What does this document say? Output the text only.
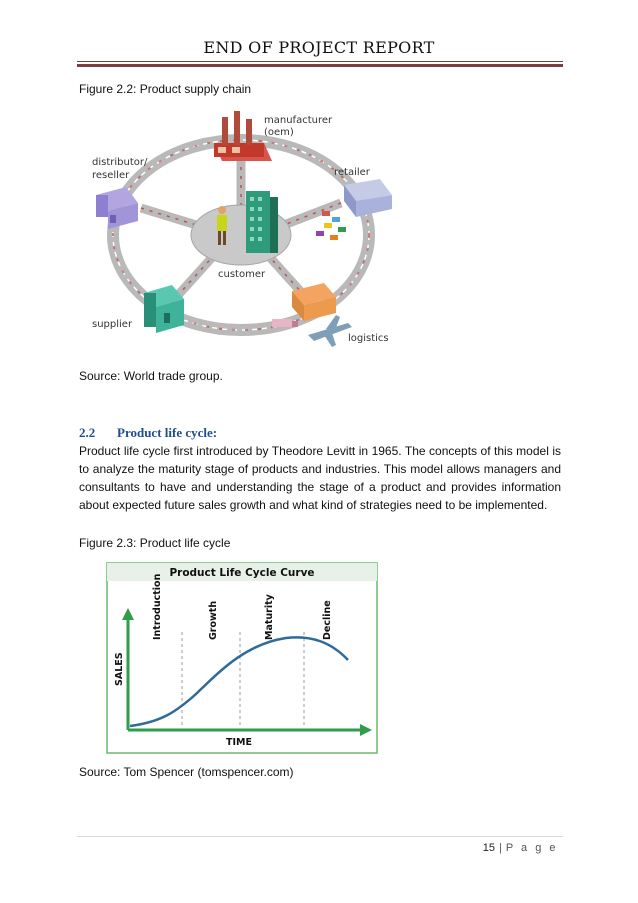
END OF PROJECT REPORT
Figure 2.2: Product supply chain
customer
manufacturer
(oem)
distributor/
reseller	retailer
supplier
logistics
Source: World trade group.
2.2 Product life cycle:
Product life cycle first introduced by Theodore Levitt in 1965. The concepts of this model is to analyze the maturity stage of products and industries. This model allows managers and consultants to have and understanding the stage of a product and provides information about expected future sales growth and what kind of strategies need to be implemented.
Figure 2.3: Product life cycle
Product Life Cycle Curve
Introduction	Growth	Maturity	Decline
SALES
TIME
Source: Tom Spencer (tomspencer.com)
15 | P a g e
